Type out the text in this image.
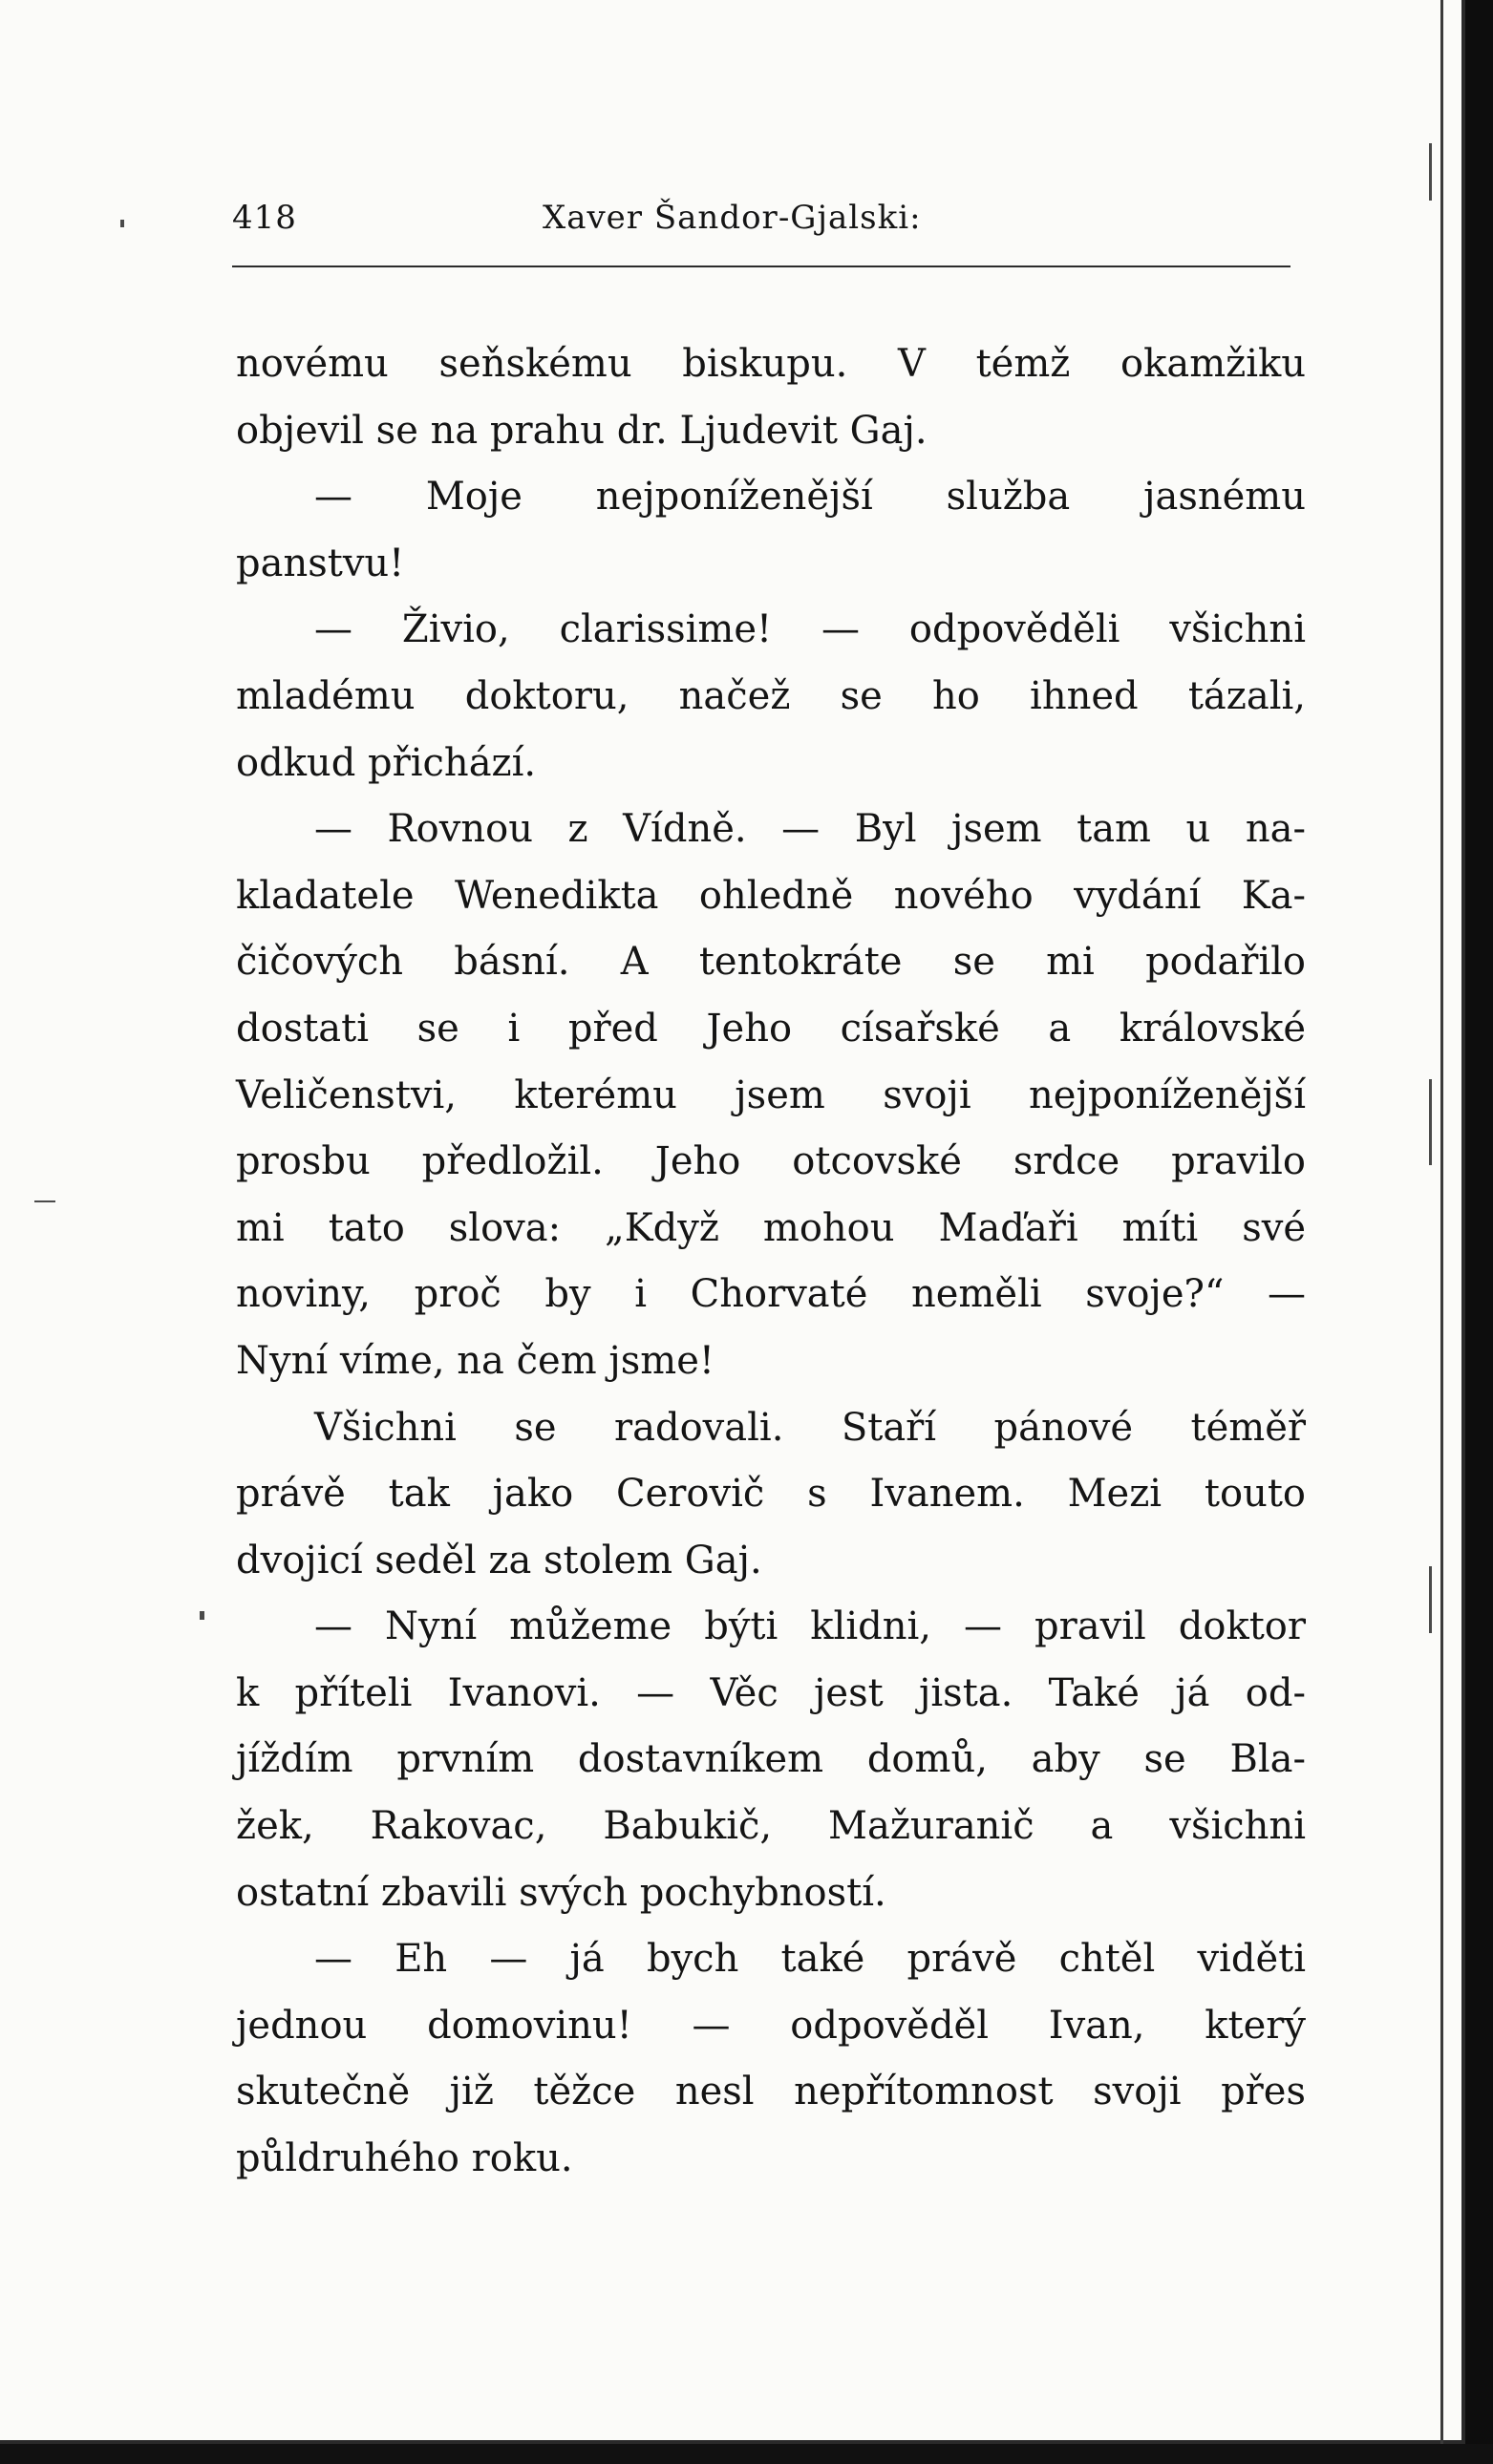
418	Xaver Šandor-Gjalski:
novému seňskému biskupu. V témž okamžiku
objevil se na prahu dr. Ljudevit Gaj.
— Moje nejponíženější služba jasnému
panstvu!
— Živio, clarissime! — odpověděli všichni
mladému doktoru, načež se ho ihned tázali,
odkud přichází.
— Rovnou z Vídně. — Byl jsem tam u na-
kladatele Wenedikta ohledně nového vydání Ka-
čičových básní. A tentokráte se mi podařilo
dostati se i před Jeho císařské a královské
Veličenstvi, kterému jsem svoji nejponíženější
prosbu předložil. Jeho otcovské srdce pravilo
mi tato slova: „Když mohou Maďaři míti své
noviny, proč by i Chorvaté neměli svoje?“ —
Nyní víme, na čem jsme!
Všichni se radovali. Staří pánové téměř
právě tak jako Cerovič s Ivanem. Mezi touto
dvojicí seděl za stolem Gaj.
— Nyní můžeme býti klidni, — pravil doktor
k příteli Ivanovi. — Věc jest jista. Také já od-
jíždím prvním dostavníkem domů, aby se Bla-
žek, Rakovac, Babukič, Mažuranič a všichni
ostatní zbavili svých pochybností.
— Eh — já bych také právě chtěl viděti
jednou domovinu! — odpověděl Ivan, který
skutečně již těžce nesl nepřítomnost svoji přes
půldruhého roku.
